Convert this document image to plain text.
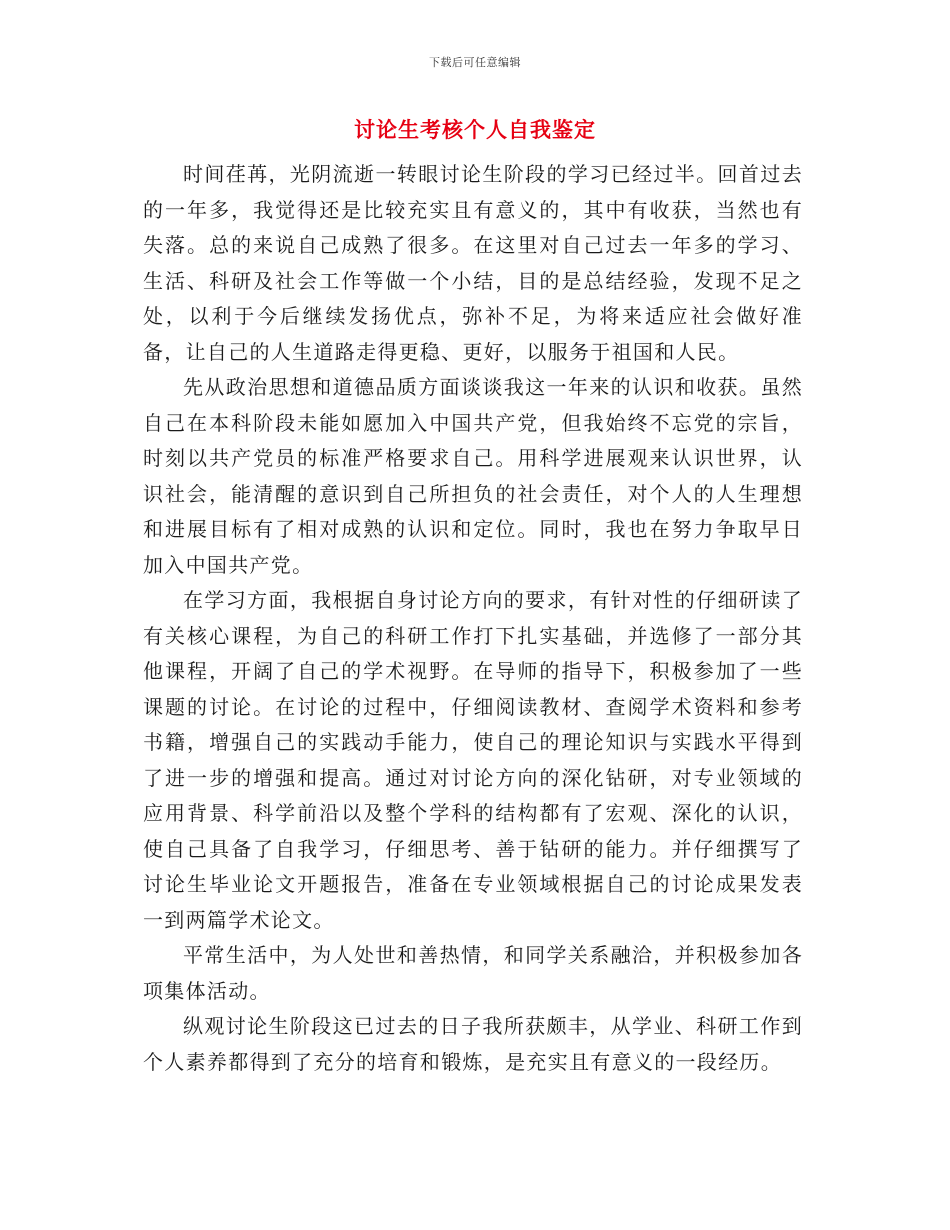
下载后可任意编辑
讨论生考核个人自我鉴定

时间荏苒，光阴流逝一转眼讨论生阶段的学习已经过半。回首过去的一年多，我觉得还是比较充实且有意义的，其中有收获，当然也有失落。总的来说自己成熟了很多。在这里对自己过去一年多的学习、生活、科研及社会工作等做一个小结，目的是总结经验，发现不足之处，以利于今后继续发扬优点，弥补不足，为将来适应社会做好准备，让自己的人生道路走得更稳、更好，以服务于祖国和人民。

先从政治思想和道德品质方面谈谈我这一年来的认识和收获。虽然自己在本科阶段未能如愿加入中国共产党，但我始终不忘党的宗旨，时刻以共产党员的标准严格要求自己。用科学进展观来认识世界，认识社会，能清醒的意识到自己所担负的社会责任，对个人的人生理想和进展目标有了相对成熟的认识和定位。同时，我也在努力争取早日加入中国共产党。

在学习方面，我根据自身讨论方向的要求，有针对性的仔细研读了有关核心课程，为自己的科研工作打下扎实基础，并选修了一部分其他课程，开阔了自己的学术视野。在导师的指导下，积极参加了一些课题的讨论。在讨论的过程中，仔细阅读教材、查阅学术资料和参考书籍，增强自己的实践动手能力，使自己的理论知识与实践水平得到了进一步的增强和提高。通过对讨论方向的深化钻研，对专业领域的应用背景、科学前沿以及整个学科的结构都有了宏观、深化的认识，使自己具备了自我学习，仔细思考、善于钻研的能力。并仔细撰写了讨论生毕业论文开题报告，准备在专业领域根据自己的讨论成果发表一到两篇学术论文。

平常生活中，为人处世和善热情，和同学关系融洽，并积极参加各项集体活动。

纵观讨论生阶段这已过去的日子我所获颇丰，从学业、科研工作到个人素养都得到了充分的培育和锻炼，是充实且有意义的一段经历。
